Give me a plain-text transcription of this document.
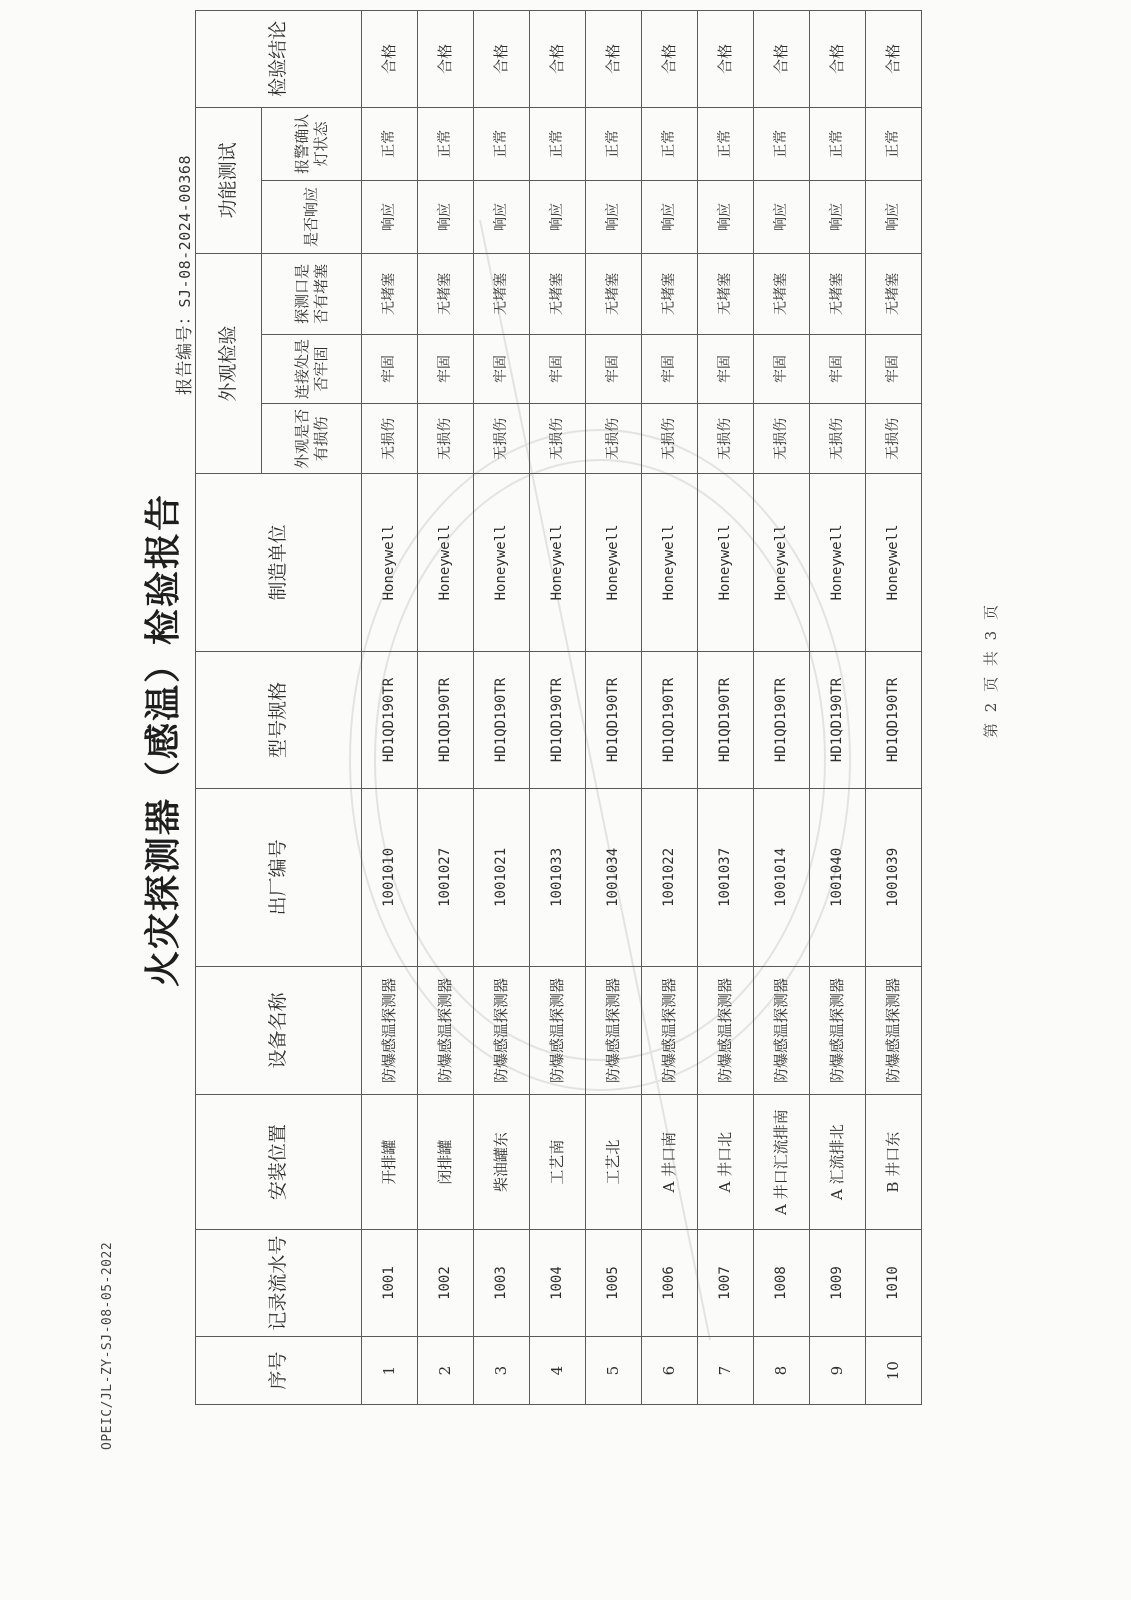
OPEIC/JL-ZY-SJ-08-05-2022
火灾探测器（感温）检验报告
报告编号：SJ-08-2024-00368
序号	记录流水号	安装位置	设备名称	出厂编号	型号规格	制造单位	外观检验			功能测试		检验结论
							外观是否有损伤	连接处是否牢固	探测口是否有堵塞	是否响应	报警确认灯状态	
1	1001	开排罐	防爆感温探测器	1001010	HD1QD190TR	Honeywell	无损伤	牢固	无堵塞	响应	正常	合格
2	1002	闭排罐	防爆感温探测器	1001027	HD1QD190TR	Honeywell	无损伤	牢固	无堵塞	响应	正常	合格
3	1003	柴油罐东	防爆感温探测器	1001021	HD1QD190TR	Honeywell	无损伤	牢固	无堵塞	响应	正常	合格
4	1004	工艺南	防爆感温探测器	1001033	HD1QD190TR	Honeywell	无损伤	牢固	无堵塞	响应	正常	合格
5	1005	工艺北	防爆感温探测器	1001034	HD1QD190TR	Honeywell	无损伤	牢固	无堵塞	响应	正常	合格
6	1006	A 井口南	防爆感温探测器	1001022	HD1QD190TR	Honeywell	无损伤	牢固	无堵塞	响应	正常	合格
7	1007	A 井口北	防爆感温探测器	1001037	HD1QD190TR	Honeywell	无损伤	牢固	无堵塞	响应	正常	合格
8	1008	A 井口汇流排南	防爆感温探测器	1001014	HD1QD190TR	Honeywell	无损伤	牢固	无堵塞	响应	正常	合格
9	1009	A 汇流排北	防爆感温探测器	1001040	HD1QD190TR	Honeywell	无损伤	牢固	无堵塞	响应	正常	合格
10	1010	B 井口东	防爆感温探测器	1001039	HD1QD190TR	Honeywell	无损伤	牢固	无堵塞	响应	正常	合格
第 2 页 共 3 页
